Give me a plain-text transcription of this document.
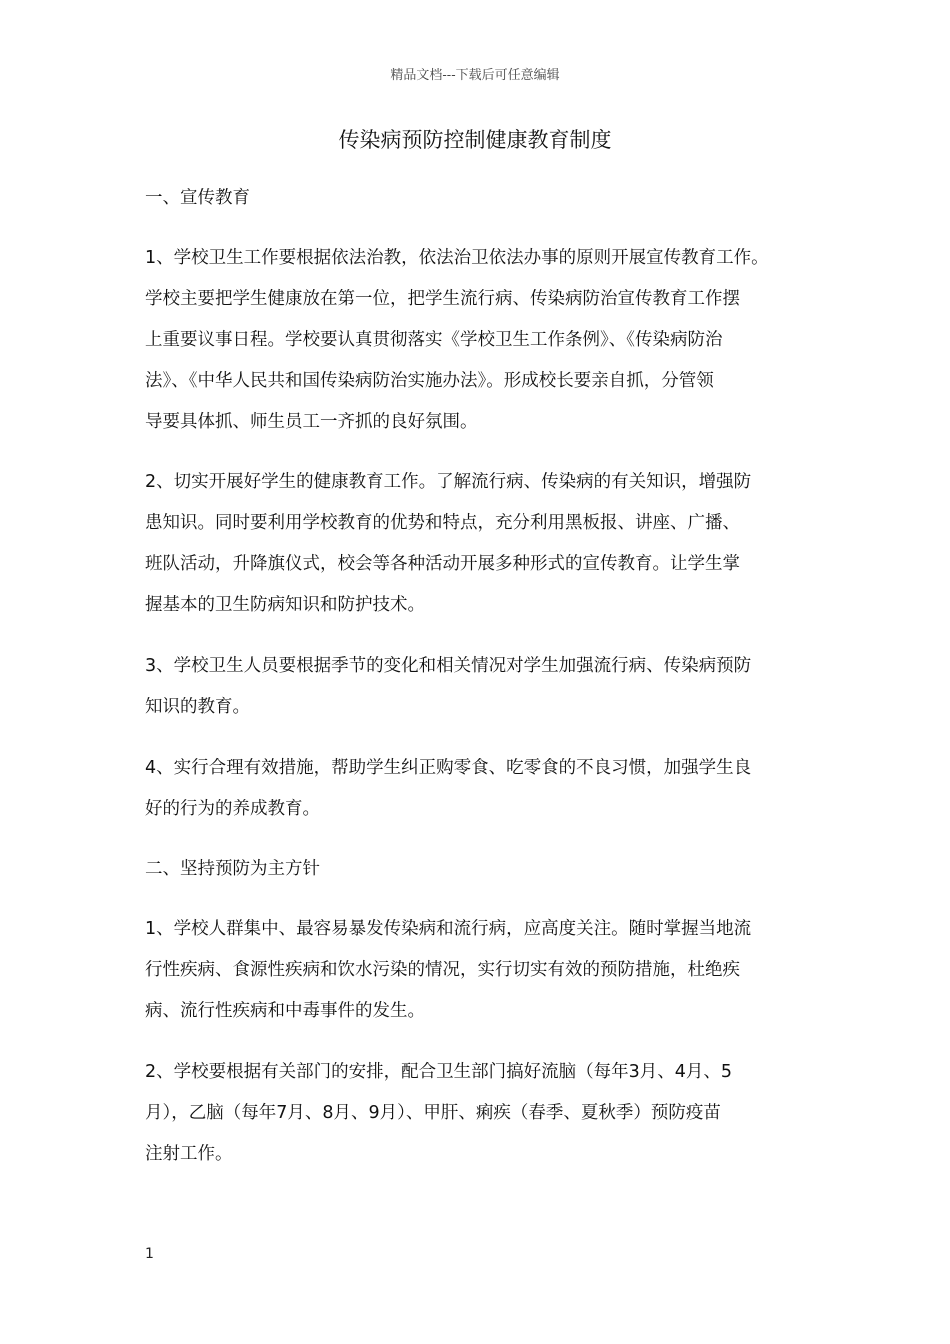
精品文档---下载后可任意编辑
传染病预防控制健康教育制度
一、宣传教育
1、学校卫生工作要根据依法治教，依法治卫依法办事的原则开展宣传教育工作。
学校主要把学生健康放在第一位，把学生流行病、传染病防治宣传教育工作摆
上重要议事日程。学校要认真贯彻落实《学校卫生工作条例》、《传染病防治
法》、《中华人民共和国传染病防治实施办法》。形成校长要亲自抓，分管领
导要具体抓、师生员工一齐抓的良好氛围。
2、切实开展好学生的健康教育工作。了解流行病、传染病的有关知识，增强防
患知识。同时要利用学校教育的优势和特点，充分利用黑板报、讲座、广播、
班队活动，升降旗仪式，校会等各种活动开展多种形式的宣传教育。让学生掌
握基本的卫生防病知识和防护技术。
3、学校卫生人员要根据季节的变化和相关情况对学生加强流行病、传染病预防
知识的教育。
4、实行合理有效措施，帮助学生纠正购零食、吃零食的不良习惯，加强学生良
好的行为的养成教育。
二、坚持预防为主方针
1、学校人群集中、最容易暴发传染病和流行病，应高度关注。随时掌握当地流
行性疾病、食源性疾病和饮水污染的情况，实行切实有效的预防措施，杜绝疾
病、流行性疾病和中毒事件的发生。
2、学校要根据有关部门的安排，配合卫生部门搞好流脑（每年3月、4月、5
月），乙脑（每年7月、8月、9月）、甲肝、痢疾（春季、夏秋季）预防疫苗
注射工作。
1
